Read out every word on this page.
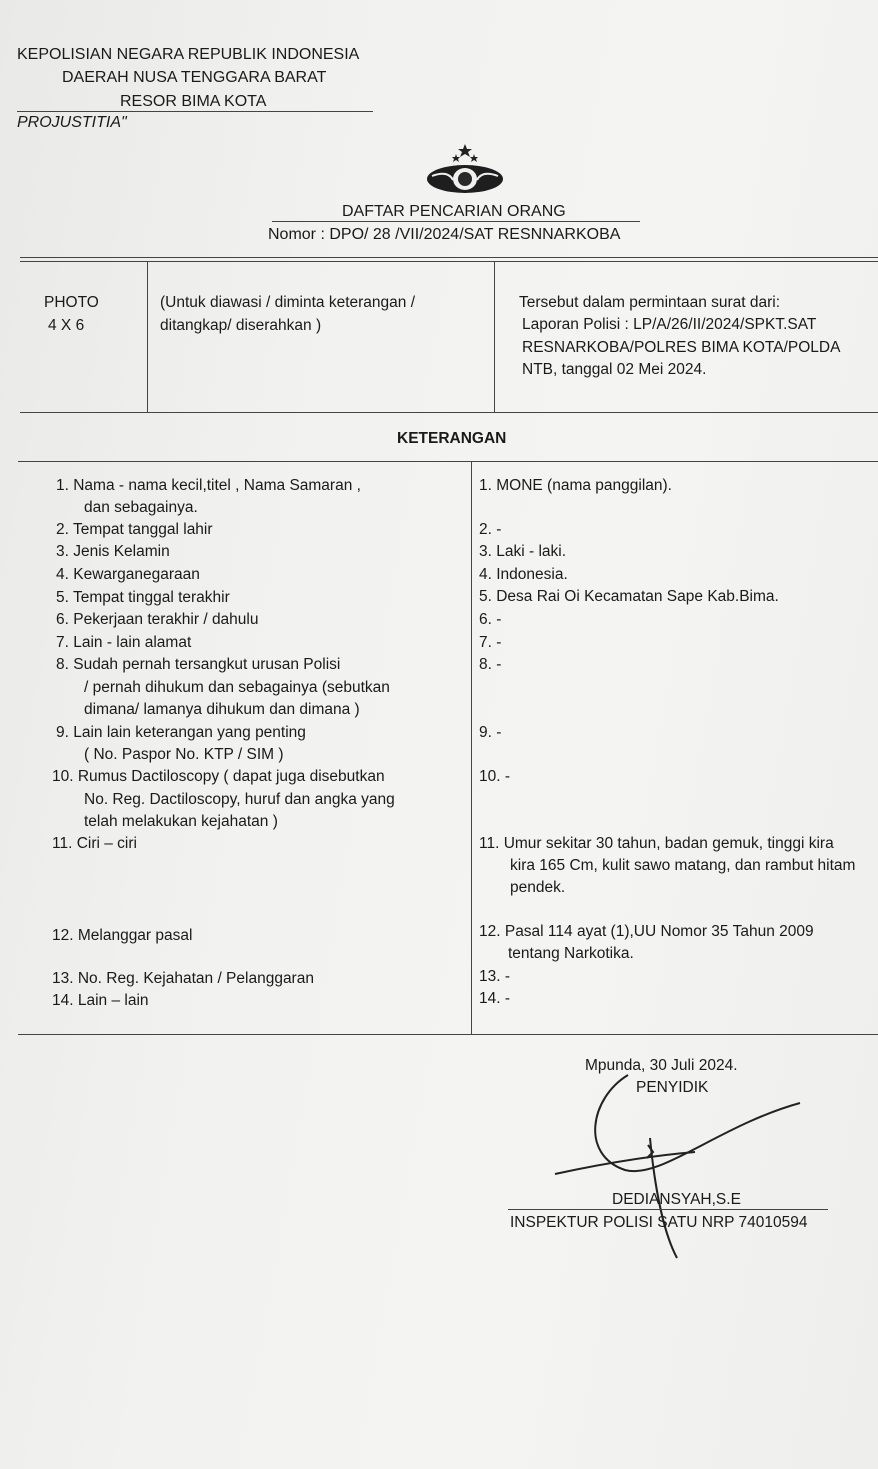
KEPOLISIAN NEGARA REPUBLIK INDONESIA
DAERAH NUSA TENGGARA BARAT
RESOR BIMA KOTA
PROJUSTITIA"
DAFTAR PENCARIAN ORANG
Nomor : DPO/ 28 /VII/2024/SAT RESNNARKOBA
PHOTO
4 X 6
(Untuk diawasi / diminta keterangan /
ditangkap/ diserahkan )
Tersebut dalam permintaan surat dari:
Laporan Polisi : LP/A/26/II/2024/SPKT.SAT
RESNARKOBA/POLRES BIMA KOTA/POLDA
NTB, tanggal 02 Mei 2024.
KETERANGAN
1. Nama - nama kecil,titel , Nama Samaran ,
dan sebagainya.
2. Tempat tanggal lahir
3. Jenis Kelamin
4. Kewarganegaraan
5. Tempat tinggal terakhir
6. Pekerjaan terakhir / dahulu
7. Lain - lain alamat
8. Sudah pernah tersangkut urusan Polisi
/ pernah dihukum dan sebagainya (sebutkan
dimana/ lamanya dihukum dan dimana )
9. Lain lain keterangan yang penting
( No. Paspor No. KTP / SIM )
10. Rumus Dactiloscopy ( dapat juga disebutkan
No. Reg. Dactiloscopy, huruf dan angka yang
telah melakukan kejahatan )
11. Ciri – ciri
12. Melanggar pasal
13. No. Reg. Kejahatan / Pelanggaran
14. Lain – lain
1. MONE (nama panggilan).
2. -
3. Laki - laki.
4. Indonesia.
5. Desa Rai Oi Kecamatan Sape Kab.Bima.
6. -
7. -
8. -
9. -
10. -
11. Umur sekitar 30 tahun, badan gemuk, tinggi kira
kira 165 Cm, kulit sawo matang, dan rambut hitam
pendek.
12. Pasal 114 ayat (1),UU Nomor 35 Tahun 2009
tentang Narkotika.
13. -
14. -
Mpunda, 30 Juli 2024.
PENYIDIK
DEDIANSYAH,S.E
INSPEKTUR POLISI SATU NRP 74010594
